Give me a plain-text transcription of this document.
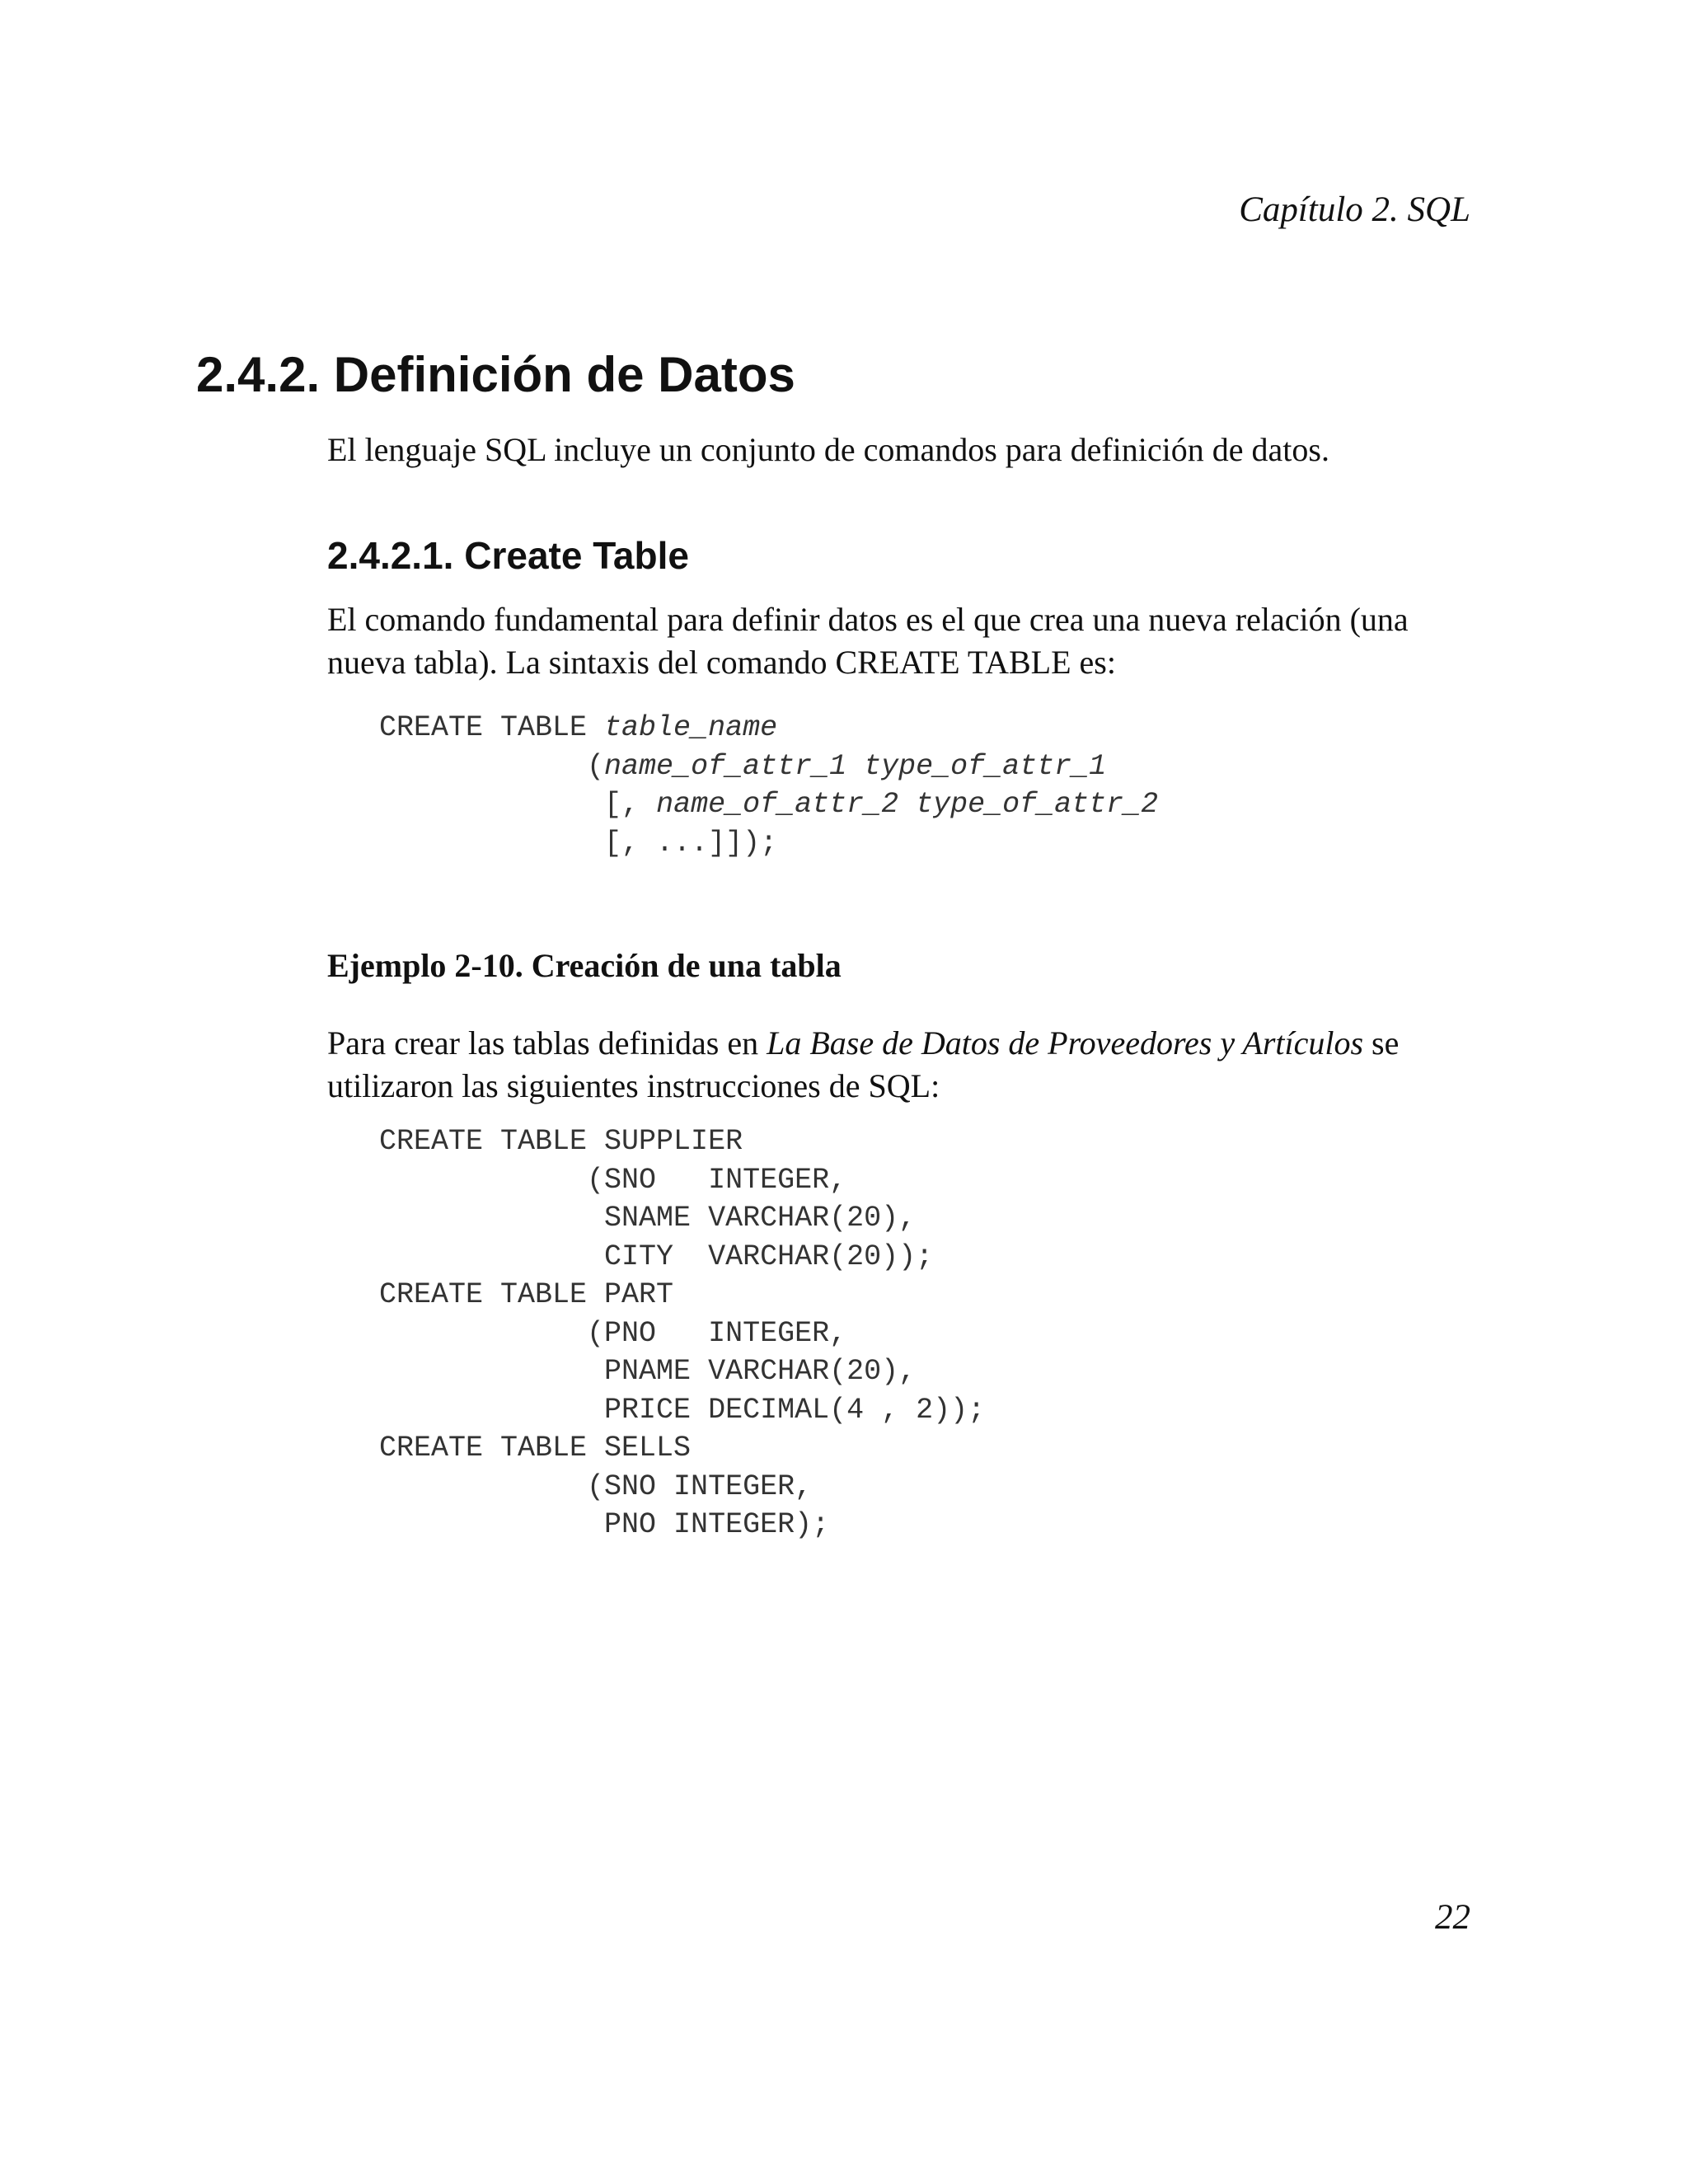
Capítulo 2. SQL
2.4.2. Definición de Datos

El lenguaje SQL incluye un conjunto de comandos para definición de datos.

2.4.2.1. Create Table

El comando fundamental para definir datos es el que crea una nueva relación (una nueva tabla). La sintaxis del comando CREATE TABLE es:

CREATE TABLE table_name
(name_of_attr_1 type_of_attr_1
[, name_of_attr_2 type_of_attr_2
[, ...]]);

Ejemplo 2-10. Creación de una tabla

Para crear las tablas definidas en La Base de Datos de Proveedores y Artículos se utilizaron las siguientes instrucciones de SQL:

CREATE TABLE SUPPLIER
(SNO   INTEGER,
SNAME VARCHAR(20),
CITY  VARCHAR(20));
CREATE TABLE PART
(PNO   INTEGER,
PNAME VARCHAR(20),
PRICE DECIMAL(4 , 2));
CREATE TABLE SELLS
(SNO INTEGER,
PNO INTEGER);
22
